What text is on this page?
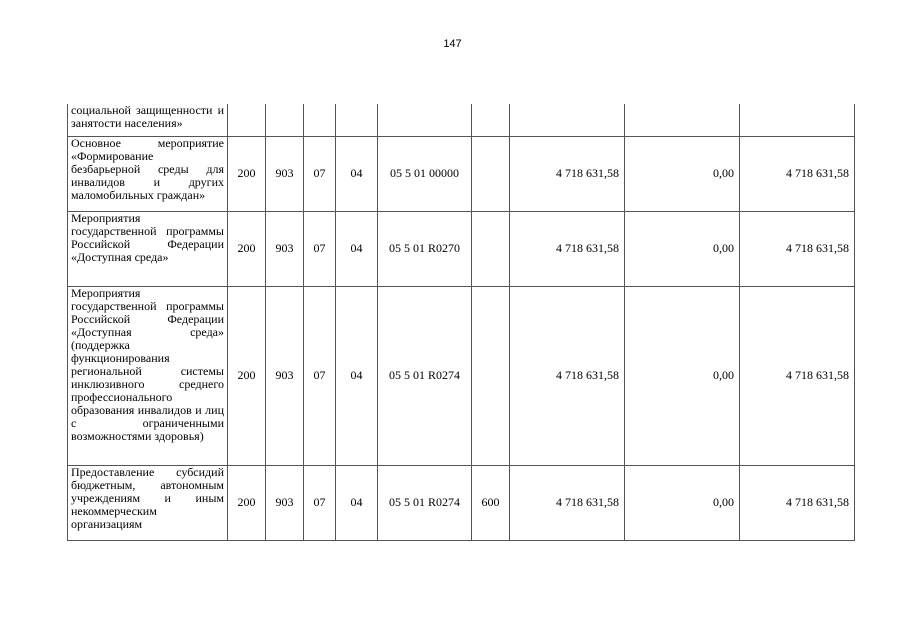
147
социальной защищенности и занятости населения»									
Основное мероприятие «Формирование безбарьерной среды для инвалидов и других маломобильных граждан»	200	903	07	04	05 5 01 00000		4 718 631,58	0,00	4 718 631,58
Мероприятия государственной программы Российской Федерации «Доступная среда»	200	903	07	04	05 5 01 R0270		4 718 631,58	0,00	4 718 631,58
Мероприятия государственной программы Российской Федерации «Доступная среда» (поддержка функционирования региональной системы инклюзивного среднего профессионального образования инвалидов и лиц с ограниченными возможностями здоровья)	200	903	07	04	05 5 01 R0274		4 718 631,58	0,00	4 718 631,58
Предоставление субсидий бюджетным, автономным учреждениям и иным некоммерческим организациям	200	903	07	04	05 5 01 R0274	600	4 718 631,58	0,00	4 718 631,58
